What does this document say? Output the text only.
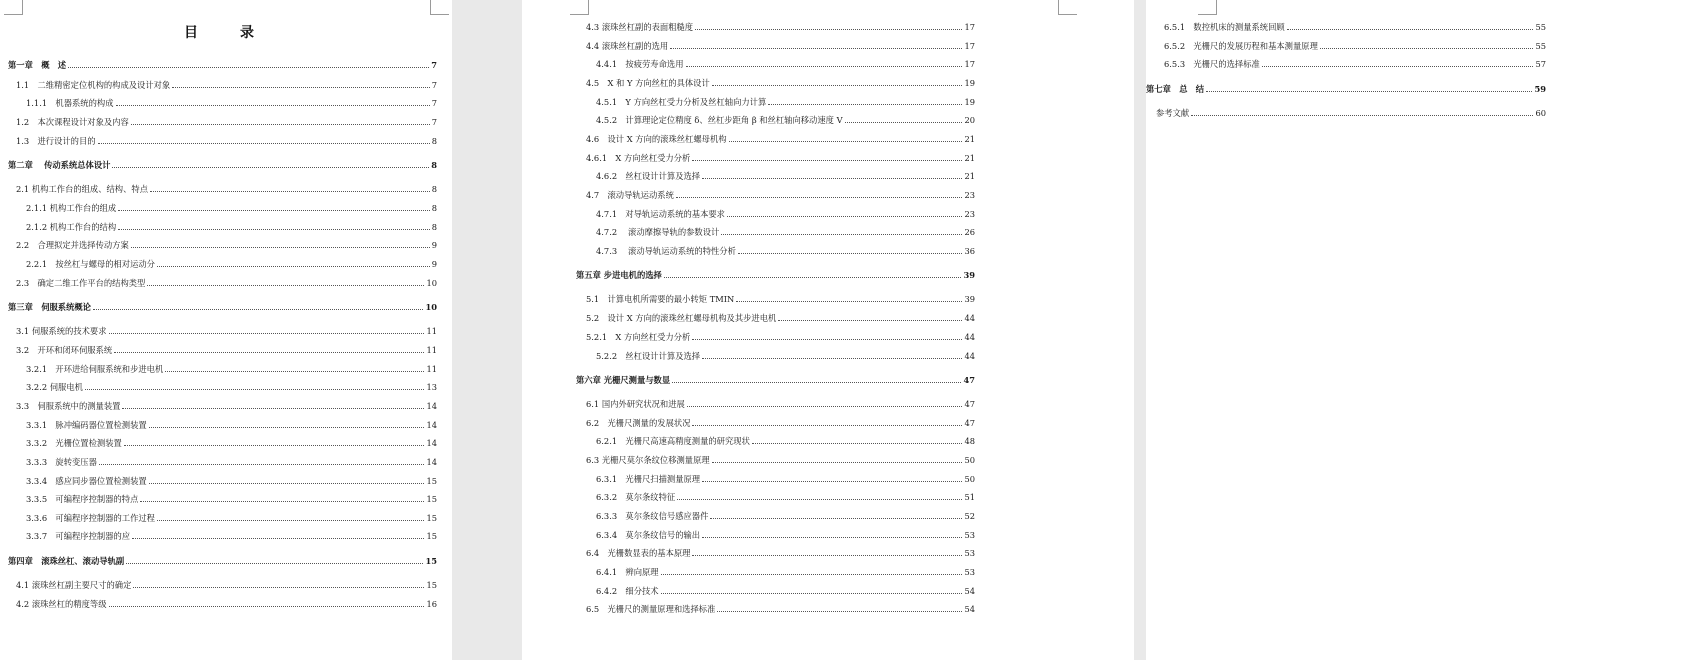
目　录
第一章　概　述	7
1.1　二维精密定位机构的构成及设计对象	7
1.1.1　机器系统的构成	7
1.2　本次课程设计对象及内容	7
1.3　进行设计的目的	8
第二章　 传动系统总体设计	8
2.1 机构工作台的组成、结构、特点	8
2.1.1 机构工作台的组成	8
2.1.2 机构工作台的结构	8
2.2　合理拟定并选择传动方案	9
2.2.1　按丝杠与螺母的相对运动分	9
2.3　确定二维工作平台的结构类型	10
第三章　伺服系统概论	10
3.1 伺服系统的技术要求	11
3.2　开环和闭环伺服系统	11
3.2.1　开环进给伺服系统和步进电机	11
3.2.2 伺服电机	13
3.3　伺服系统中的测量装置	14
3.3.1　脉冲编码器位置检测装置	14
3.3.2　光栅位置检测装置	14
3.3.3　旋转变压器	14
3.3.4　感应同步器位置检测装置	15
3.3.5　可编程序控制器的特点	15
3.3.6　可编程序控制器的工作过程	15
3.3.7　可编程序控制器的应	15
第四章　滚珠丝杠、滚动导轨副	15
4.1 滚珠丝杠副主要尺寸的确定	15
4.2 滚珠丝杠的精度等级	16
4.3 滚珠丝杠副的表面粗糙度	17
4.4 滚珠丝杠副的选用	17
4.4.1　按疲劳寿命选用	17
4.5　X 和 Y 方向丝杠的具体设计	19
4.5.1　Y 方向丝杠受力分析及丝杠轴向力计算	19
4.5.2　计算理论定位精度 δ、丝杠步距角 β 和丝杠轴向移动速度 V	20
4.6　设计 X 方向的滚珠丝杠螺母机构	21
4.6.1　X 方向丝杠受力分析	21
4.6.2　丝杠设计计算及选择	21
4.7　滚动导轨运动系统	23
4.7.1　对导轨运动系统的基本要求	23
4.7.2　 滚动摩擦导轨的参数设计	26
4.7.3　 滚动导轨运动系统的特性分析	36
第五章 步进电机的选择	39
5.1　计算电机所需要的最小转矩 TMIN	39
5.2　设计 X 方向的滚珠丝杠螺母机构及其步进电机	44
5.2.1　X 方向丝杠受力分析	44
5.2.2　丝杠设计计算及选择	44
第六章 光栅尺测量与数显	47
6.1 国内外研究状况和进展	47
6.2　光栅尺测量的发展状况	47
6.2.1　光栅尺高速高精度测量的研究现状	48
6.3 光栅尺莫尔条纹位移测量原理	50
6.3.1　光栅尺扫描测量原理	50
6.3.2　莫尔条纹特征	51
6.3.3　莫尔条纹信号感应器件	52
6.3.4　莫尔条纹信号的输出	53
6.4　光栅数显表的基本原理	53
6.4.1　辨向原理	53
6.4.2　细分技术	54
6.5　光栅尺的测量原理和选择标准	54
6.5.1　数控机床的测量系统回顾	55
6.5.2　光栅尺的发展历程和基本测量原理	55
6.5.3　光栅尺的选择标准	57
第七章　总　结	59
参考文献	60
